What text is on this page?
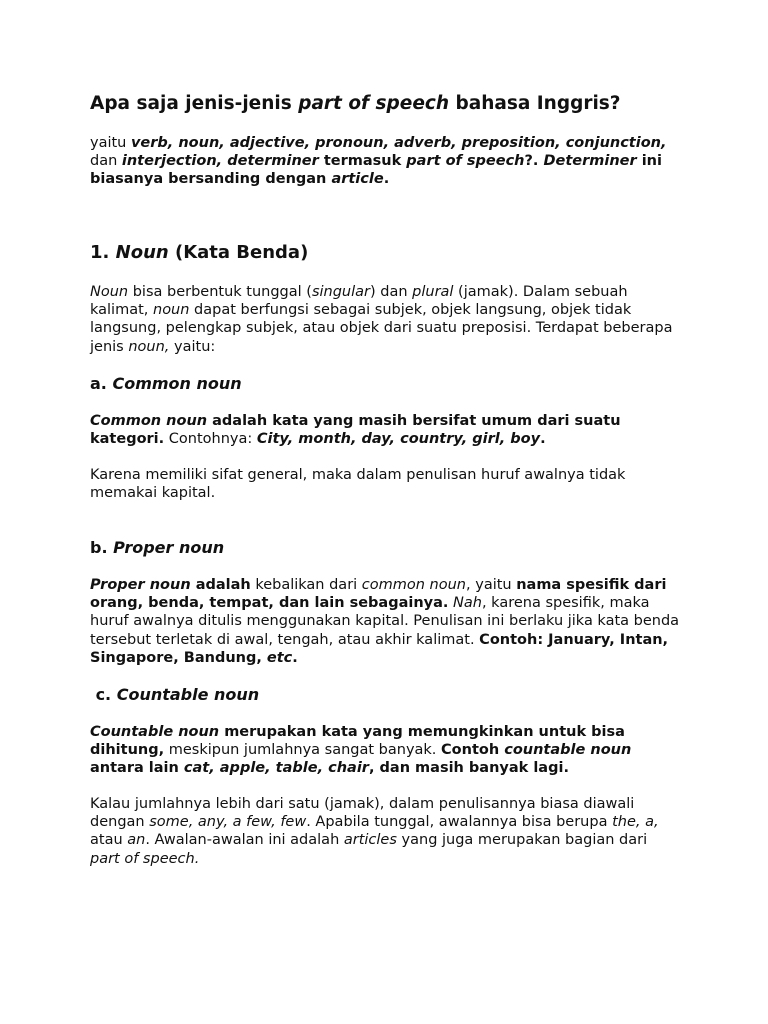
Apa saja jenis-jenis part of speech bahasa Inggris?

yaitu verb, noun, adjective, pronoun, adverb, preposition, conjunction, dan interjection, determiner termasuk part of speech?. Determiner ini biasanya bersanding dengan article.

1. Noun (Kata Benda)

Noun bisa berbentuk tunggal (singular) dan plural (jamak). Dalam sebuah kalimat, noun dapat berfungsi sebagai subjek, objek langsung, objek tidak langsung, pelengkap subjek, atau objek dari suatu preposisi. Terdapat beberapa jenis noun, yaitu:

a. Common noun

Common noun adalah kata yang masih bersifat umum dari suatu kategori. Contohnya: City, month, day, country, girl, boy.

Karena memiliki sifat general, maka dalam penulisan huruf awalnya tidak memakai kapital.

b. Proper noun

Proper noun adalah kebalikan dari common noun, yaitu nama spesifik dari orang, benda, tempat, dan lain sebagainya. Nah, karena spesifik, maka huruf awalnya ditulis menggunakan kapital. Penulisan ini berlaku jika kata benda tersebut terletak di awal, tengah, atau akhir kalimat. Contoh: January, Intan, Singapore, Bandung, etc.

c. Countable noun

Countable noun merupakan kata yang memungkinkan untuk bisa dihitung, meskipun jumlahnya sangat banyak. Contoh countable noun antara lain cat, apple, table, chair, dan masih banyak lagi.

Kalau jumlahnya lebih dari satu (jamak), dalam penulisannya biasa diawali dengan some, any, a few, few. Apabila tunggal, awalannya bisa berupa the, a, atau an. Awalan-awalan ini adalah articles yang juga merupakan bagian dari part of speech.
